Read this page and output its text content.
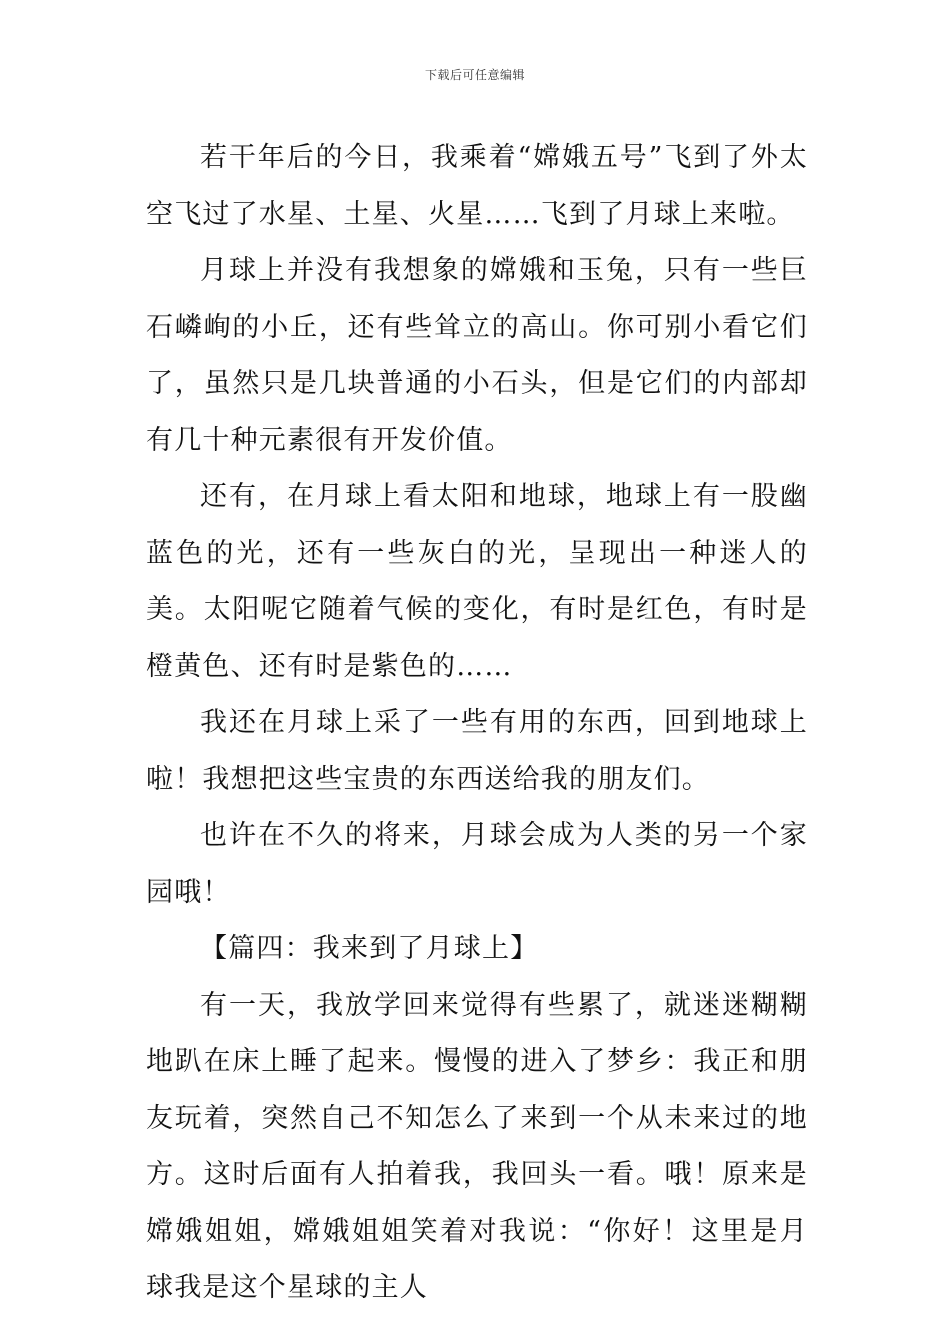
下载后可任意编辑

若干年后的今日，我乘着“嫦娥五号”飞到了外太空飞过了水星、土星、火星……飞到了月球上来啦。

月球上并没有我想象的嫦娥和玉兔，只有一些巨石嶙峋的小丘，还有些耸立的高山。你可别小看它们了，虽然只是几块普通的小石头，但是它们的内部却有几十种元素很有开发价值。

还有，在月球上看太阳和地球，地球上有一股幽蓝色的光，还有一些灰白的光，呈现出一种迷人的美。太阳呢它随着气候的变化，有时是红色，有时是橙黄色、还有时是紫色的……

我还在月球上采了一些有用的东西，回到地球上啦！我想把这些宝贵的东西送给我的朋友们。

也许在不久的将来，月球会成为人类的另一个家园哦！

【篇四：我来到了月球上】

有一天，我放学回来觉得有些累了，就迷迷糊糊地趴在床上睡了起来。慢慢的进入了梦乡：我正和朋友玩着，突然自己不知怎么了来到一个从未来过的地方。这时后面有人拍着我，我回头一看。哦！原来是嫦娥姐姐，嫦娥姐姐笑着对我说：“你好！这里是月球我是这个星球的主人
